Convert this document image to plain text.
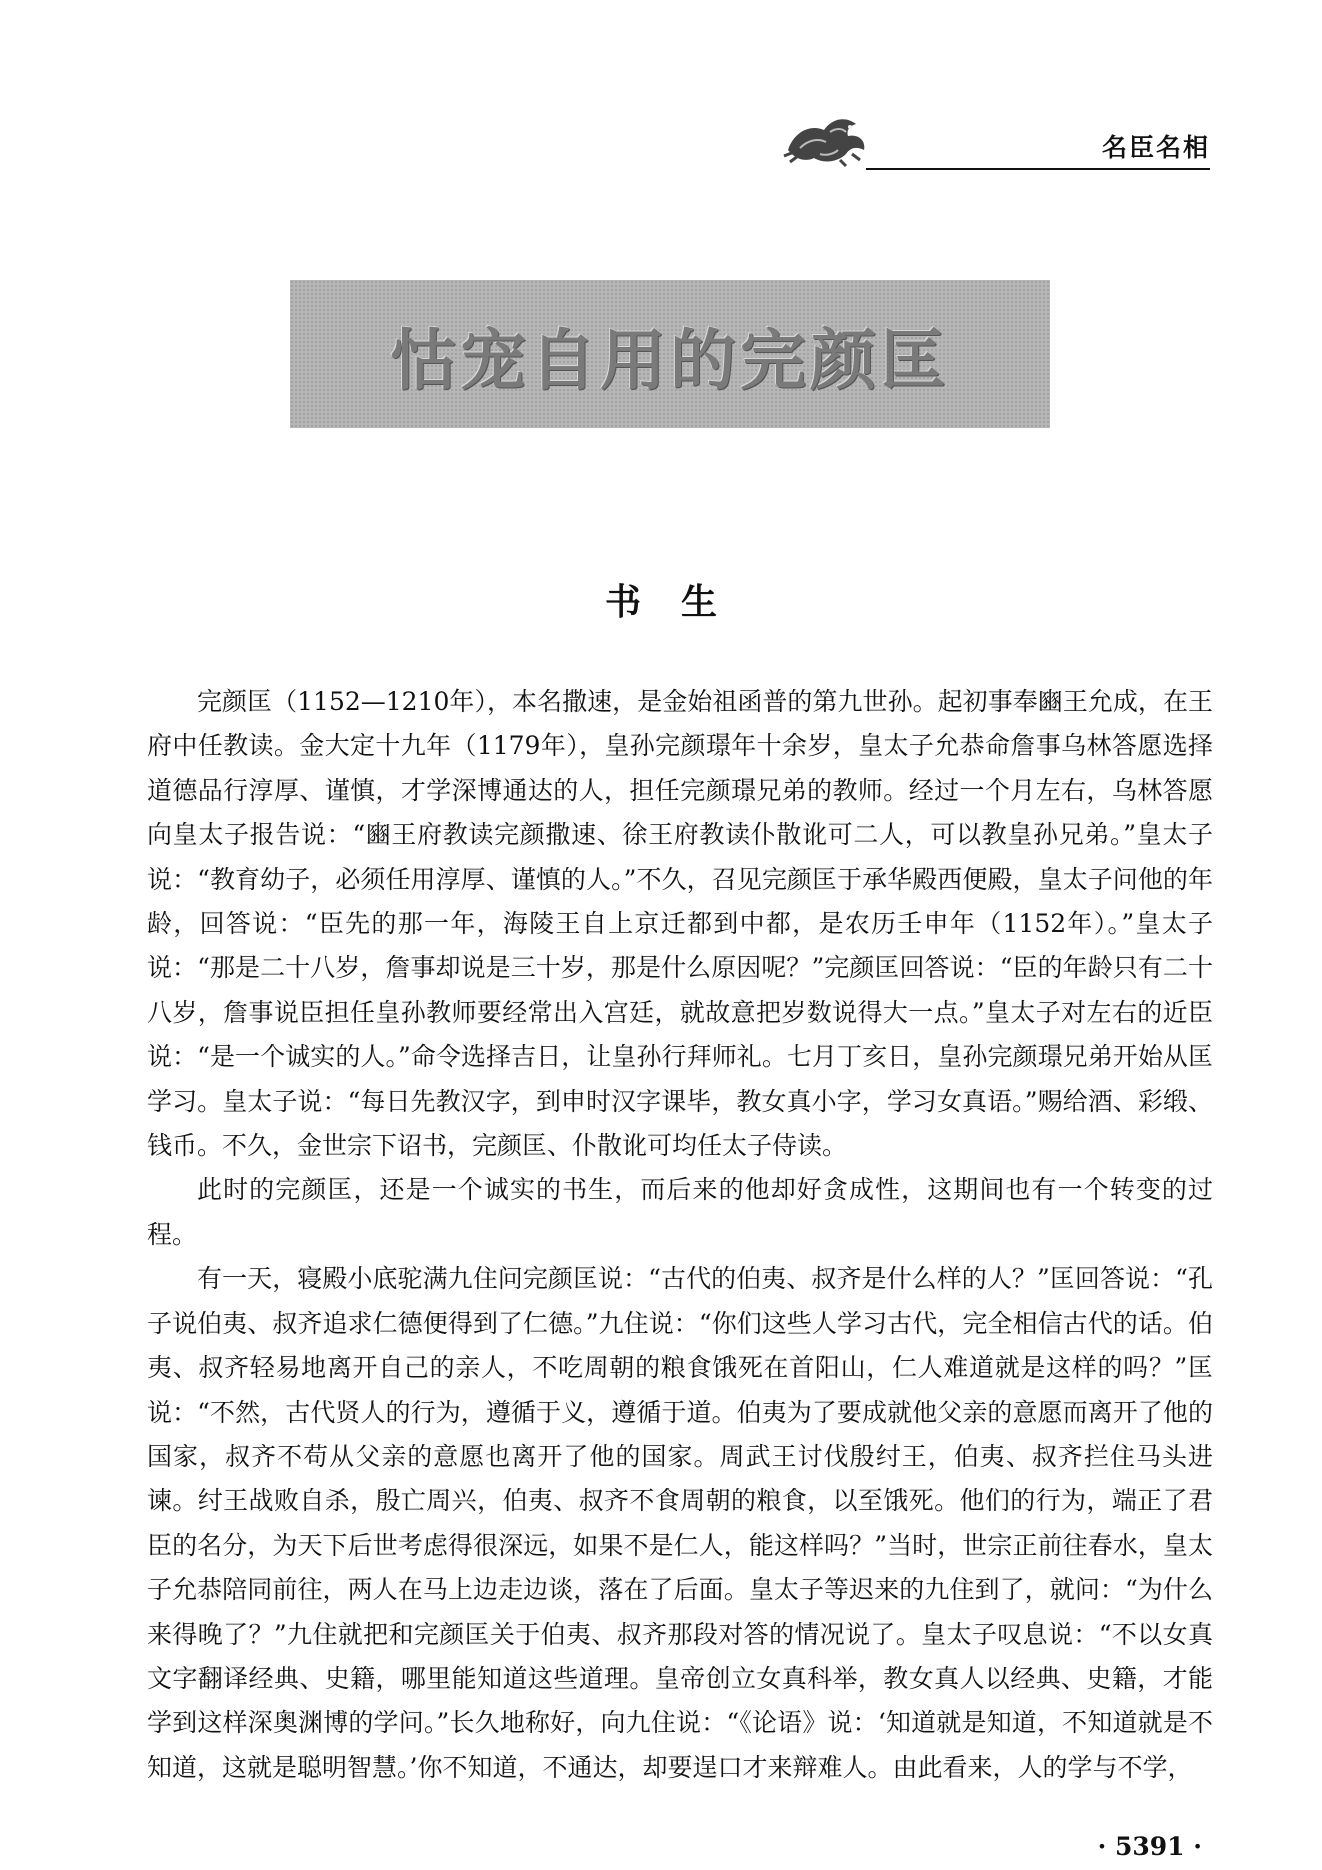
名臣名相
怙宠自用的完颜匡
书生

完颜匡（1152—1210年），本名撒速，是金始祖函普的第九世孙。起初事奉豳王允成，在王府中任教读。金大定十九年（1179年），皇孙完颜璟年十余岁，皇太子允恭命詹事乌林答愿选择道德品行淳厚、谨慎，才学深博通达的人，担任完颜璟兄弟的教师。经过一个月左右，乌林答愿向皇太子报告说：“豳王府教读完颜撒速、徐王府教读仆散讹可二人，可以教皇孙兄弟。”皇太子说：“教育幼子，必须任用淳厚、谨慎的人。”不久，召见完颜匡于承华殿西便殿，皇太子问他的年龄，回答说：“臣先的那一年，海陵王自上京迁都到中都，是农历壬申年（1152年）。”皇太子说：“那是二十八岁，詹事却说是三十岁，那是什么原因呢？”完颜匡回答说：“臣的年龄只有二十八岁，詹事说臣担任皇孙教师要经常出入宫廷，就故意把岁数说得大一点。”皇太子对左右的近臣说：“是一个诚实的人。”命令选择吉日，让皇孙行拜师礼。七月丁亥日，皇孙完颜璟兄弟开始从匡学习。皇太子说：“每日先教汉字，到申时汉字课毕，教女真小字，学习女真语。”赐给酒、彩缎、钱币。不久，金世宗下诏书，完颜匡、仆散讹可均任太子侍读。

此时的完颜匡，还是一个诚实的书生，而后来的他却好贪成性，这期间也有一个转变的过程。

有一天，寝殿小底驼满九住问完颜匡说：“古代的伯夷、叔齐是什么样的人？”匡回答说：“孔子说伯夷、叔齐追求仁德便得到了仁德。”九住说：“你们这些人学习古代，完全相信古代的话。伯夷、叔齐轻易地离开自己的亲人，不吃周朝的粮食饿死在首阳山，仁人难道就是这样的吗？”匡说：“不然，古代贤人的行为，遵循于义，遵循于道。伯夷为了要成就他父亲的意愿而离开了他的国家，叔齐不苟从父亲的意愿也离开了他的国家。周武王讨伐殷纣王，伯夷、叔齐拦住马头进谏。纣王战败自杀，殷亡周兴，伯夷、叔齐不食周朝的粮食，以至饿死。他们的行为，端正了君臣的名分，为天下后世考虑得很深远，如果不是仁人，能这样吗？”当时，世宗正前往春水，皇太子允恭陪同前往，两人在马上边走边谈，落在了后面。皇太子等迟来的九住到了，就问：“为什么来得晚了？”九住就把和完颜匡关于伯夷、叔齐那段对答的情况说了。皇太子叹息说：“不以女真文字翻译经典、史籍，哪里能知道这些道理。皇帝创立女真科举，教女真人以经典、史籍，才能学到这样深奥渊博的学问。”长久地称好，向九住说：“《论语》说：‘知道就是知道，不知道就是不知道，这就是聪明智慧。’你不知道，不通达，却要逞口才来辩难人。由此看来，人的学与不学，

· 5391 ·
